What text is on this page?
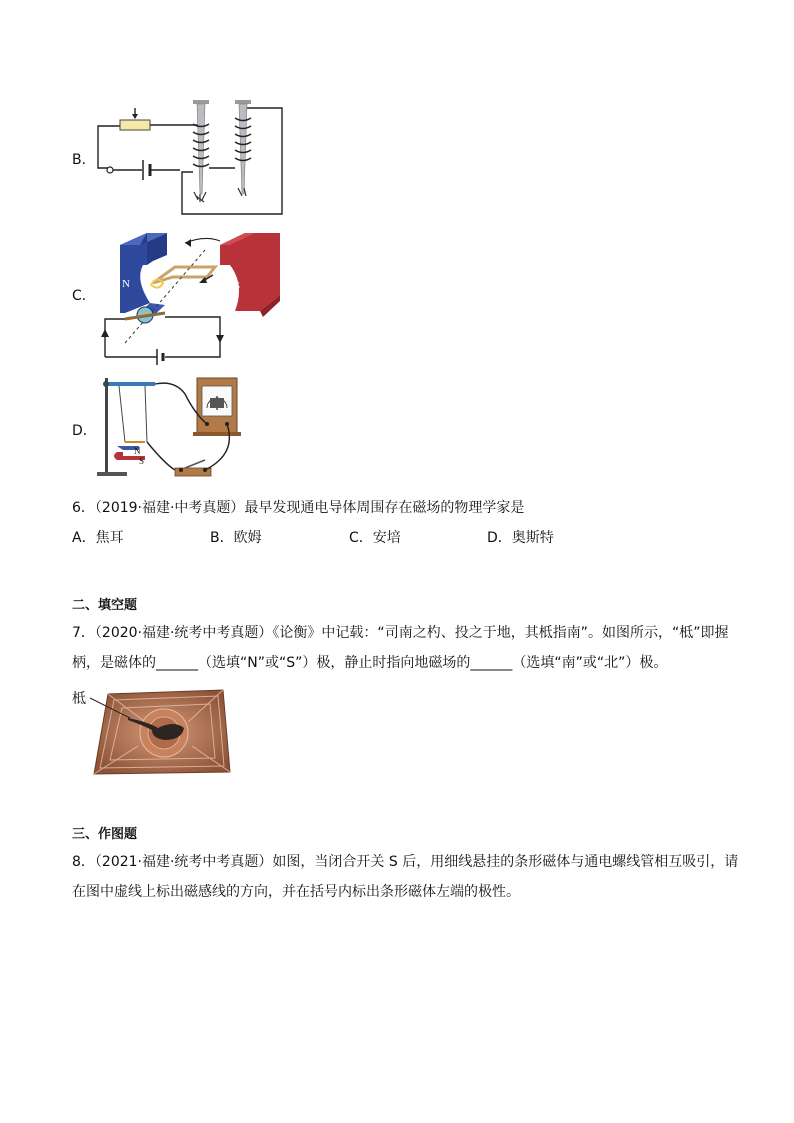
B．
C．
N	S
D．
N
S
6．（2019·福建·中考真题）最早发现通电导体周围存在磁场的物理学家是
A．焦耳	B．欧姆	C．安培	D．奥斯特
二、填空题
7．（2020·福建·统考中考真题）《论衡》中记载：“司南之杓、投之于地，其柢指南”。如图所示，“柢”即握
柄，是磁体的______（选填“N”或“S”）极，静止时指向地磁场的______（选填“南”或“北”）极。
柢
三、作图题
8．（2021·福建·统考中考真题）如图，当闭合开关 S 后，用细线悬挂的条形磁体与通电螺线管相互吸引，请
在图中虚线上标出磁感线的方向，并在括号内标出条形磁体左端的极性。
